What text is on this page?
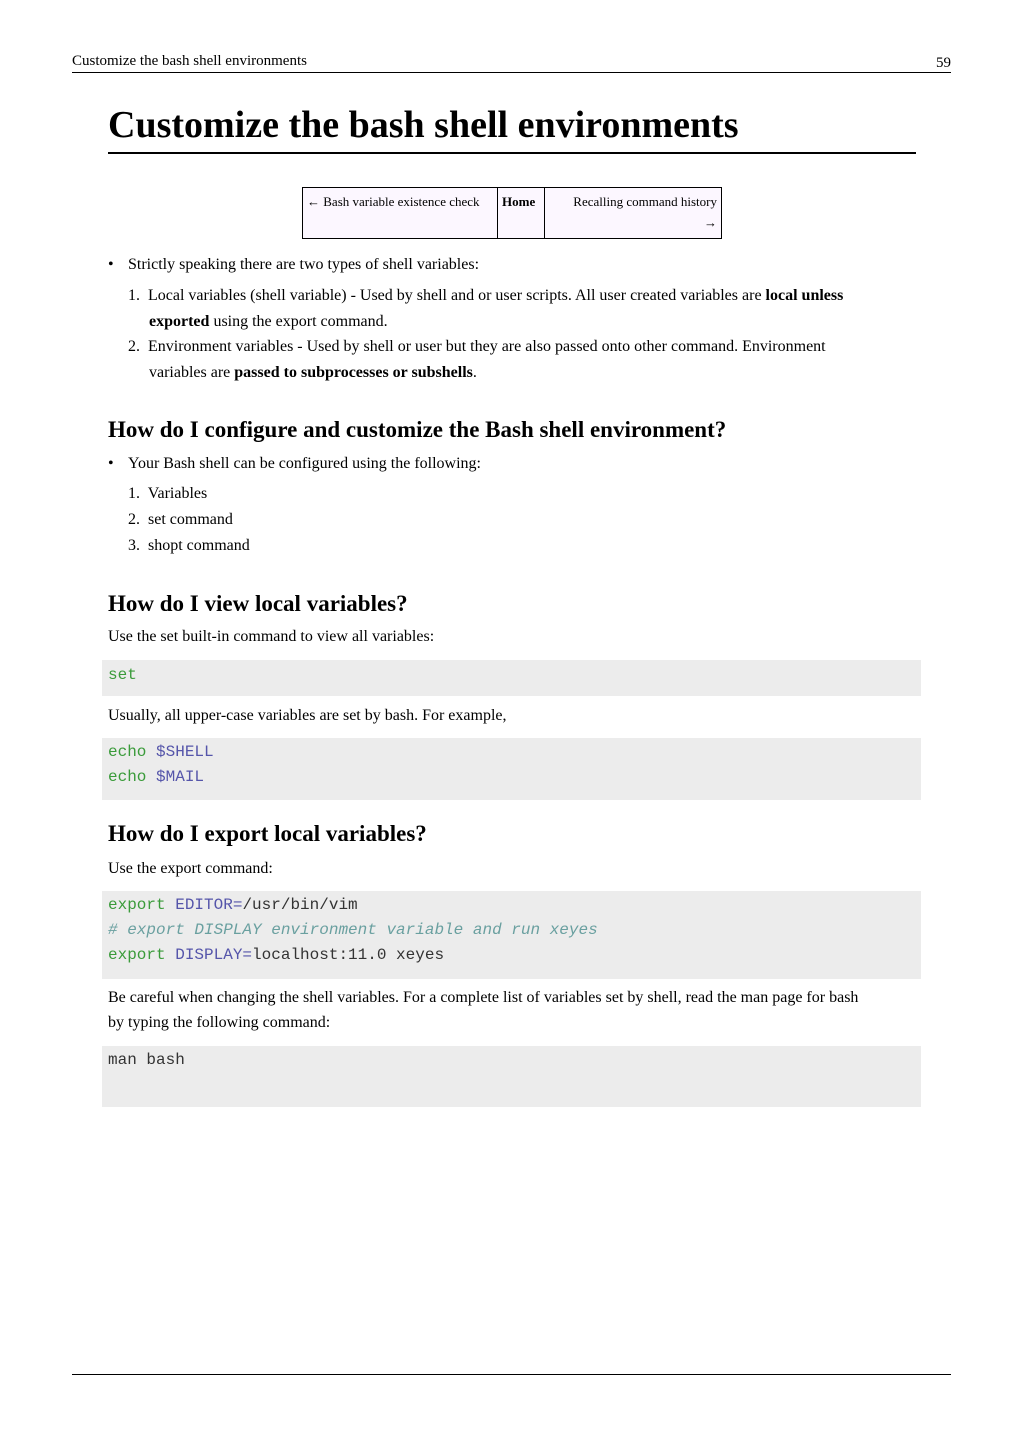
Customize the bash shell environments	59
Customize the bash shell environments
← Bash variable existence check	Home	Recalling command history
→
• Strictly speaking there are two types of shell variables:
1. Local variables (shell variable) - Used by shell and or user scripts. All user created variables are local unless
exported using the export command.
2. Environment variables - Used by shell or user but they are also passed onto other command. Environment
variables are passed to subprocesses or subshells.
How do I configure and customize the Bash shell environment?
• Your Bash shell can be configured using the following:
1. Variables
2. set command
3. shopt command
How do I view local variables?
Use the set built-in command to view all variables:
set
Usually, all upper-case variables are set by bash. For example,
echo $SHELL
echo $MAIL
How do I export local variables?
Use the export command:
export EDITOR=/usr/bin/vim
# export DISPLAY environment variable and run xeyes
export DISPLAY=localhost:11.0 xeyes
Be careful when changing the shell variables. For a complete list of variables set by shell, read the man page for bash
by typing the following command:
man bash
